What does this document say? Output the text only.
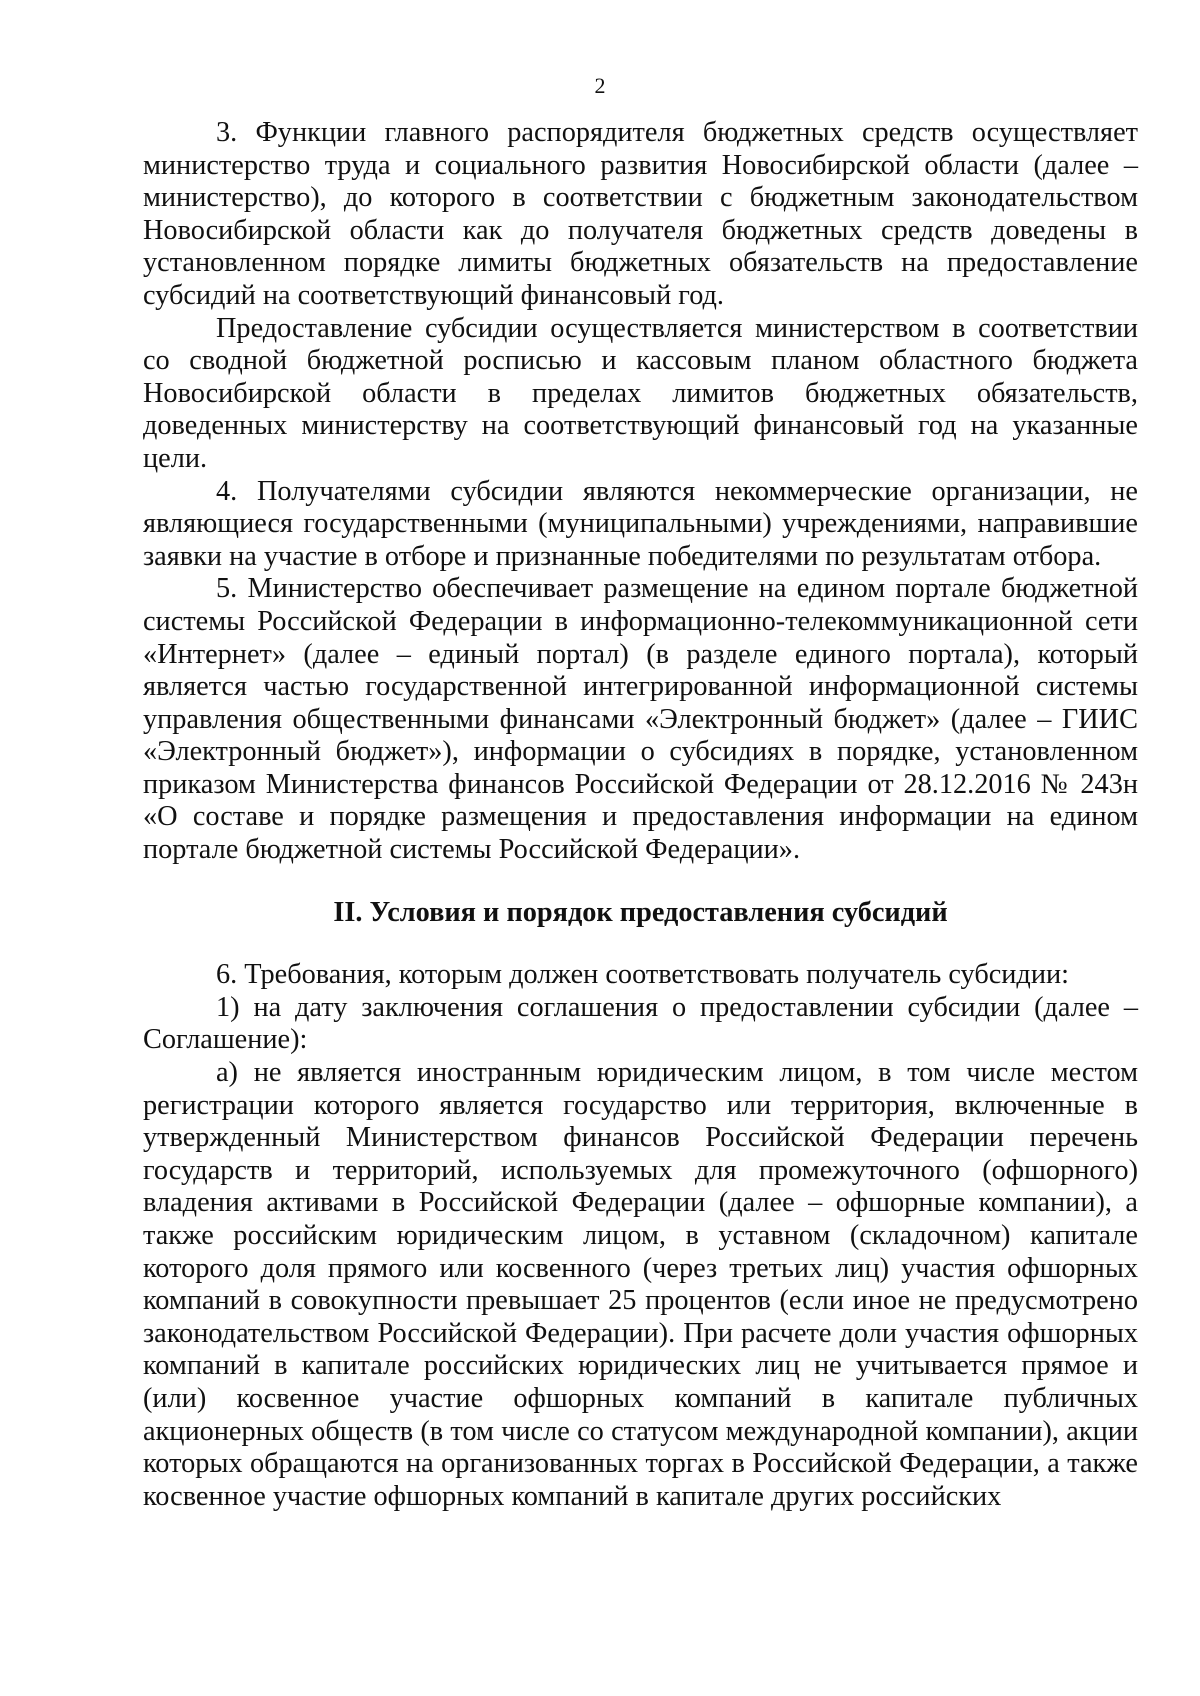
2

3. Функции главного распорядителя бюджетных средств осуществляет министерство труда и социального развития Новосибирской области (далее – министерство), до которого в соответствии с бюджетным законодательством Новосибирской области как до получателя бюджетных средств доведены в установленном порядке лимиты бюджетных обязательств на предоставление субсидий на соответствующий финансовый год.

Предоставление субсидии осуществляется министерством в соответствии со сводной бюджетной росписью и кассовым планом областного бюджета Новосибирской области в пределах лимитов бюджетных обязательств, доведенных министерству на соответствующий финансовый год на указанные цели.

4. Получателями субсидии являются некоммерческие организации, не являющиеся государственными (муниципальными) учреждениями, направившие заявки на участие в отборе и признанные победителями по результатам отбора.

5. Министерство обеспечивает размещение на едином портале бюджетной системы Российской Федерации в информационно-телекоммуникационной сети «Интернет» (далее – единый портал) (в разделе единого портала), который является частью государственной интегрированной информационной системы управления общественными финансами «Электронный бюджет» (далее – ГИИС «Электронный бюджет»), информации о субсидиях в порядке, установленном приказом Министерства финансов Российской Федерации от 28.12.2016 № 243н «О составе и порядке размещения и предоставления информации на едином портале бюджетной системы Российской Федерации».

II. Условия и порядок предоставления субсидий

6. Требования, которым должен соответствовать получатель субсидии:

1) на дату заключения соглашения о предоставлении субсидии (далее – Соглашение):

а) не является иностранным юридическим лицом, в том числе местом регистрации которого является государство или территория, включенные в утвержденный Министерством финансов Российской Федерации перечень государств и территорий, используемых для промежуточного (офшорного) владения активами в Российской Федерации (далее – офшорные компании), а также российским юридическим лицом, в уставном (складочном) капитале которого доля прямого или косвенного (через третьих лиц) участия офшорных компаний в совокупности превышает 25 процентов (если иное не предусмотрено законодательством Российской Федерации). При расчете доли участия офшорных компаний в капитале российских юридических лиц не учитывается прямое и (или) косвенное участие офшорных компаний в капитале публичных акционерных обществ (в том числе со статусом международной компании), акции которых обращаются на организованных торгах в Российской Федерации, а также косвенное участие офшорных компаний в капитале других российских
